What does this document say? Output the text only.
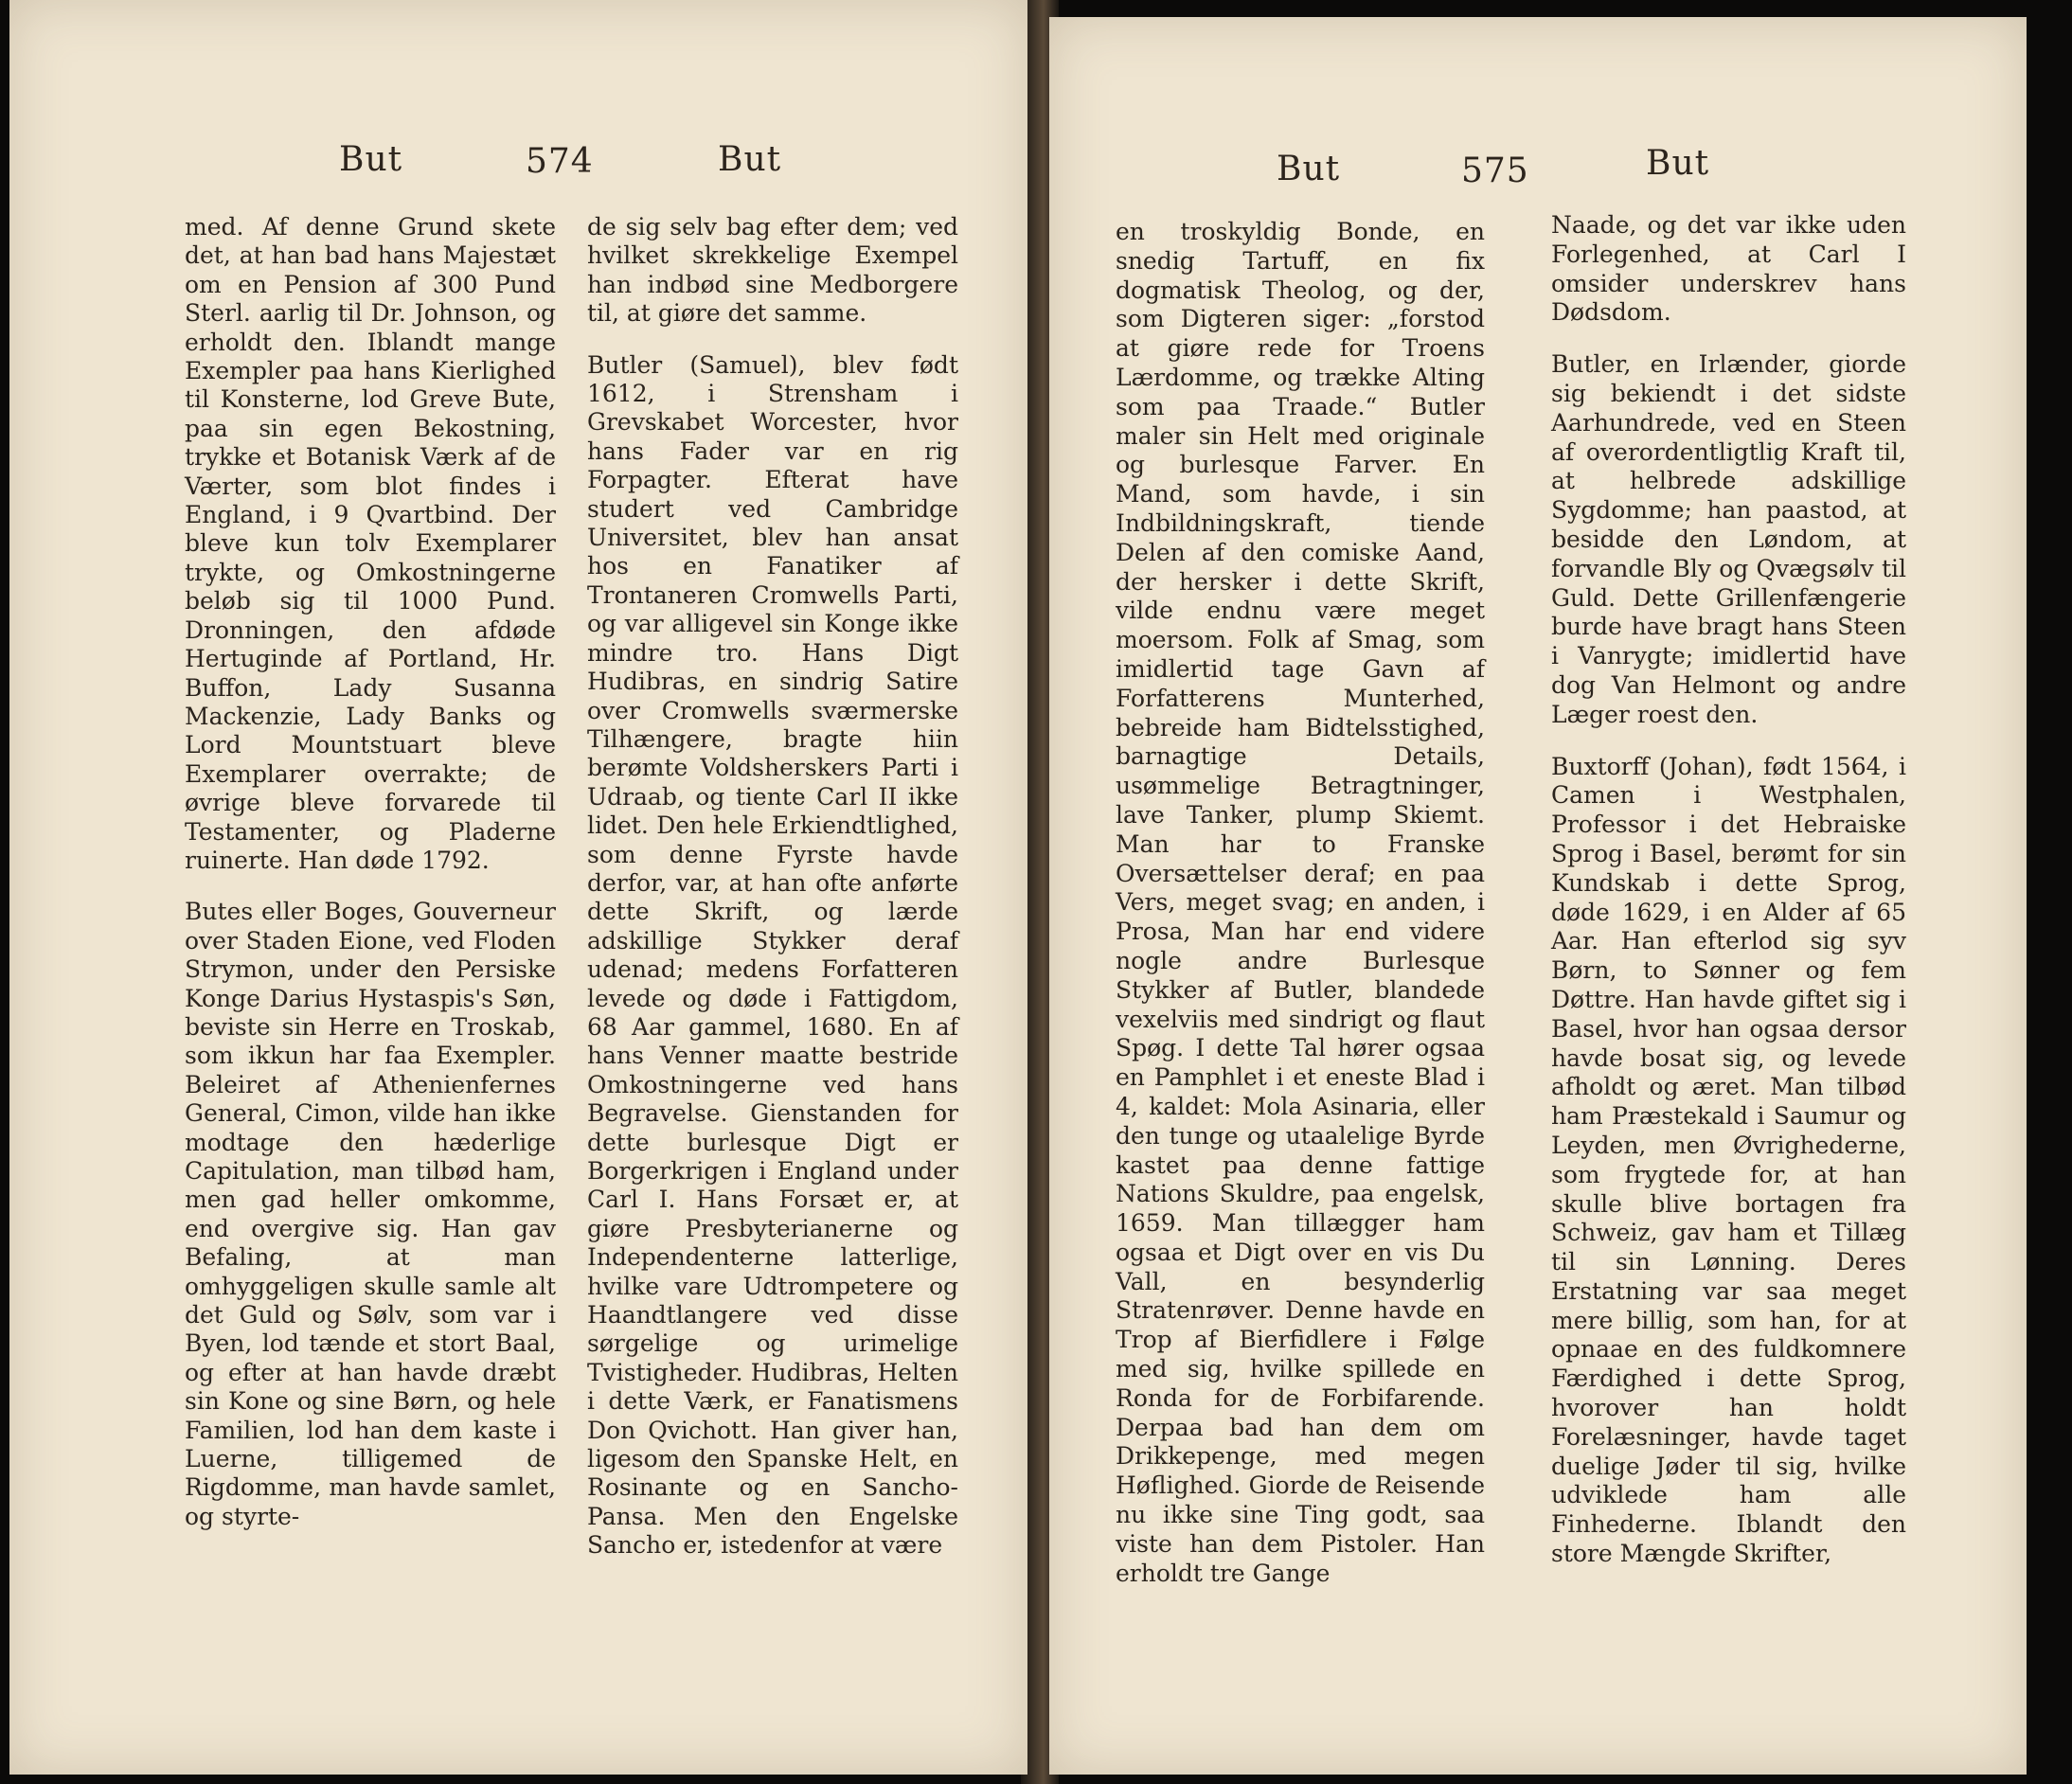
But	574	But

med. Af denne Grund skete det, at han bad hans Majestæt om en Pension af 300 Pund Sterl. aarlig til Dr. Johnson, og erholdt den. Iblandt mange Exempler paa hans Kierlighed til Konsterne, lod Greve Bute, paa sin egen Bekostning, trykke et Botanisk Værk af de Værter, som blot findes i England, i 9 Qvartbind. Der bleve kun tolv Exemplarer trykte, og Omkostningerne beløb sig til 1000 Pund. Dronningen, den afdøde Hertuginde af Portland, Hr. Buffon, Lady Susanna Mackenzie, Lady Banks og Lord Mountstuart bleve Exemplarer overrakte; de øvrige bleve forvarede til Testamenter, og Pladerne ruinerte. Han døde 1792.

Butes eller Boges, Gouverneur over Staden Eione, ved Floden Strymon, under den Persiske Konge Darius Hystaspis's Søn, beviste sin Herre en Troskab, som ikkun har faa Exempler. Beleiret af Athenienfernes General, Cimon, vilde han ikke modtage den hæderlige Capitulation, man tilbød ham, men gad heller omkomme, end overgive sig. Han gav Befaling, at man omhyggeligen skulle samle alt det Guld og Sølv, som var i Byen, lod tænde et stort Baal, og efter at han havde dræbt sin Kone og sine Børn, og hele Familien, lod han dem kaste i Luerne, tilligemed de Rigdomme, man havde samlet, og styrte-

de sig selv bag efter dem; ved hvilket skrekkelige Exempel han indbød sine Medborgere til, at giøre det samme.

Butler (Samuel), blev født 1612, i Strensham i Grevskabet Worcester, hvor hans Fader var en rig Forpagter. Efterat have studert ved Cambridge Universitet, blev han ansat hos en Fanatiker af Trontaneren Cromwells Parti, og var alligevel sin Konge ikke mindre tro. Hans Digt Hudibras, en sindrig Satire over Cromwells sværmerske Tilhængere, bragte hiin berømte Voldsherskers Parti i Udraab, og tiente Carl II ikke lidet. Den hele Erkiendtlighed, som denne Fyrste havde derfor, var, at han ofte anførte dette Skrift, og lærde adskillige Stykker deraf udenad; medens Forfatteren levede og døde i Fattigdom, 68 Aar gammel, 1680. En af hans Venner maatte bestride Omkostningerne ved hans Begravelse. Gienstanden for dette burlesque Digt er Borgerkrigen i England under Carl I. Hans Forsæt er, at giøre Presbyterianerne og Independenterne latterlige, hvilke vare Udtrompetere og Haandtlangere ved disse sørgelige og urimelige Tvistigheder. Hudibras, Helten i dette Værk, er Fanatismens Don Qvichott. Han giver han, ligesom den Spanske Helt, en Rosinante og en Sancho-Pansa. Men den Engelske Sancho er, istedenfor at være

But	575	But

en troskyldig Bonde, en snedig Tartuff, en fix dogmatisk Theolog, og der, som Digteren siger: „forstod at giøre rede for Troens Lærdomme, og trække Alting som paa Traade.“ Butler maler sin Helt med originale og burlesque Farver. En Mand, som havde, i sin Indbildningskraft, tiende Delen af den comiske Aand, der hersker i dette Skrift, vilde endnu være meget moersom. Folk af Smag, som imidlertid tage Gavn af Forfatterens Munterhed, bebreide ham Bidtelsstighed, barnagtige Details, usømmelige Betragtninger, lave Tanker, plump Skiemt. Man har to Franske Oversættelser deraf; en paa Vers, meget svag; en anden, i Prosa, Man har end videre nogle andre Burlesque Stykker af Butler, blandede vexelviis med sindrigt og flaut Spøg. I dette Tal hører ogsaa en Pamphlet i et eneste Blad i 4, kaldet: Mola Asinaria, eller den tunge og utaalelige Byrde kastet paa denne fattige Nations Skuldre, paa engelsk, 1659. Man tillægger ham ogsaa et Digt over en vis Du Vall, en besynderlig Stratenrøver. Denne havde en Trop af Bierfidlere i Følge med sig, hvilke spillede en Ronda for de Forbifarende. Derpaa bad han dem om Drikkepenge, med megen Høflighed. Giorde de Reisende nu ikke sine Ting godt, saa viste han dem Pistoler. Han erholdt tre Gange

Naade, og det var ikke uden Forlegenhed, at Carl I omsider underskrev hans Dødsdom.

Butler, en Irlænder, giorde sig bekiendt i det sidste Aarhundrede, ved en Steen af overordentligtlig Kraft til, at helbrede adskillige Sygdomme; han paastod, at besidde den Løndom, at forvandle Bly og Qvægsølv til Guld. Dette Grillenfængerie burde have bragt hans Steen i Vanrygte; imidlertid have dog Van Helmont og andre Læger roest den.

Buxtorff (Johan), født 1564, i Camen i Westphalen, Professor i det Hebraiske Sprog i Basel, berømt for sin Kundskab i dette Sprog, døde 1629, i en Alder af 65 Aar. Han efterlod sig syv Børn, to Sønner og fem Døttre. Han havde giftet sig i Basel, hvor han ogsaa dersor havde bosat sig, og levede afholdt og æret. Man tilbød ham Præstekald i Saumur og Leyden, men Øvrighederne, som frygtede for, at han skulle blive bortagen fra Schweiz, gav ham et Tillæg til sin Lønning. Deres Erstatning var saa meget mere billig, som han, for at opnaae en des fuldkomnere Færdighed i dette Sprog, hvorover han holdt Forelæsninger, havde taget duelige Jøder til sig, hvilke udviklede ham alle Finhederne. Iblandt den store Mængde Skrifter,
